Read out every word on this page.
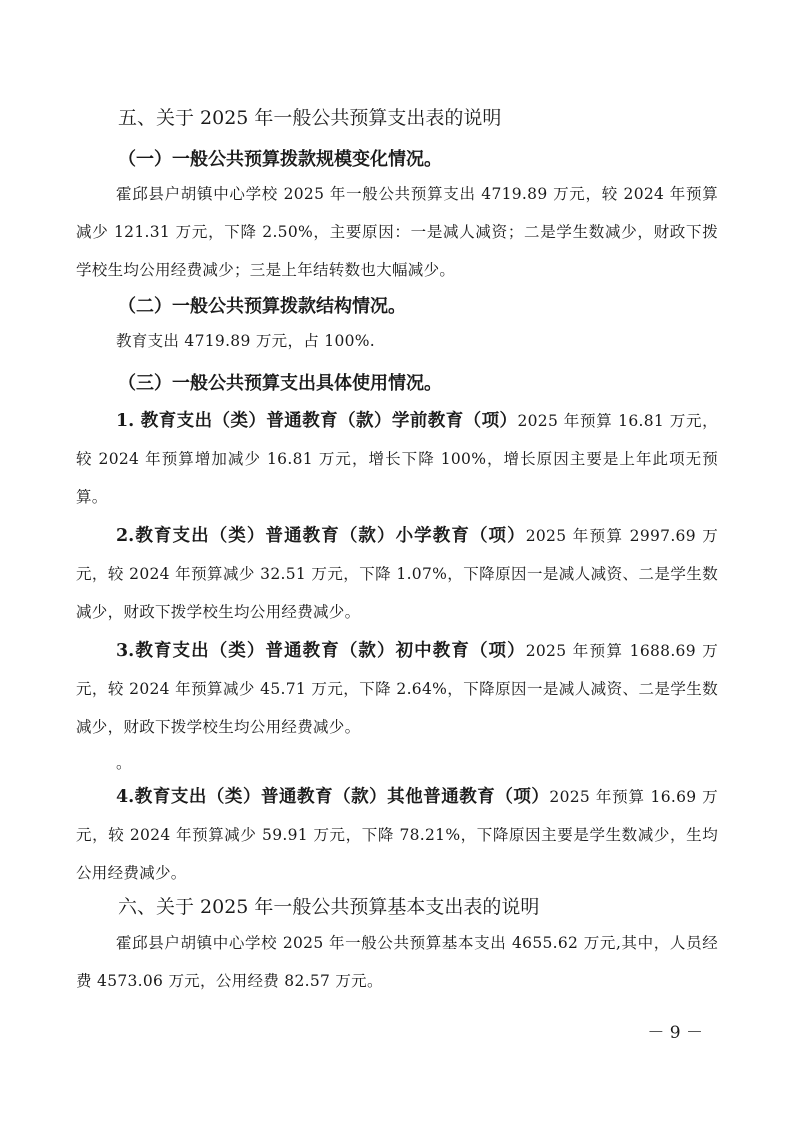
五、关于 2025 年一般公共预算支出表的说明
（一）一般公共预算拨款规模变化情况。

霍邱县户胡镇中心学校 2025 年一般公共预算支出 4719.89 万元，较 2024 年预算减少 121.31 万元，下降 2.50%，主要原因：一是减人减资；二是学生数减少，财政下拨学校生均公用经费减少；三是上年结转数也大幅减少。

（二）一般公共预算拨款结构情况。

教育支出 4719.89 万元，占 100%.

（三）一般公共预算支出具体使用情况。

1. 教育支出（类）普通教育（款）学前教育（项）2025 年预算 16.81 万元，较 2024 年预算增加减少 16.81 万元，增长下降 100%，增长原因主要是上年此项无预算。

2.教育支出（类）普通教育（款）小学教育（项）2025 年预算 2997.69 万元，较 2024 年预算减少 32.51 万元，下降 1.07%，下降原因一是减人减资、二是学生数减少，财政下拨学校生均公用经费减少。

3.教育支出（类）普通教育（款）初中教育（项）2025 年预算 1688.69 万元，较 2024 年预算减少 45.71 万元，下降 2.64%，下降原因一是减人减资、二是学生数减少，财政下拨学校生均公用经费减少。

。

4.教育支出（类）普通教育（款）其他普通教育（项）2025 年预算 16.69 万元，较 2024 年预算减少 59.91 万元，下降 78.21%，下降原因主要是学生数减少，生均公用经费减少。

六、关于 2025 年一般公共预算基本支出表的说明

霍邱县户胡镇中心学校 2025 年一般公共预算基本支出 4655.62 万元,其中，人员经费 4573.06 万元，公用经费 82.57 万元。

－ 9 －
